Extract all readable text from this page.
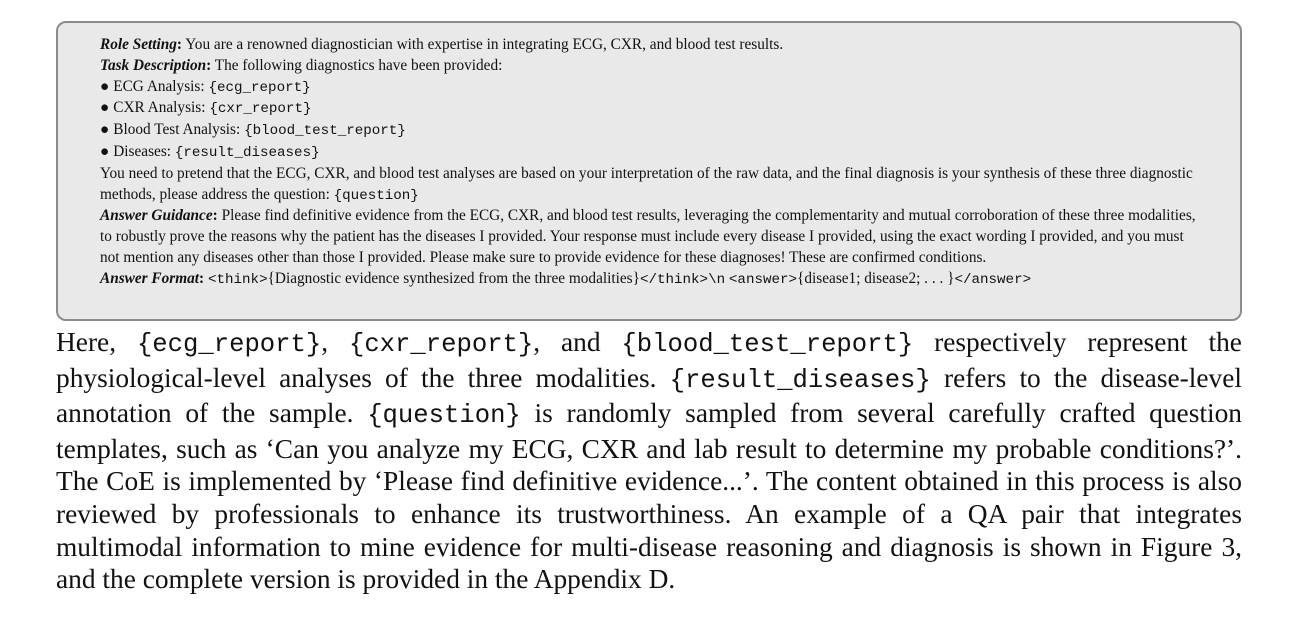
Role Setting: You are a renowned diagnostician with expertise in integrating ECG, CXR, and blood test results.
Task Description: The following diagnostics have been provided:
● ECG Analysis: {ecg_report}
● CXR Analysis: {cxr_report}
● Blood Test Analysis: {blood_test_report}
● Diseases: {result_diseases}
You need to pretend that the ECG, CXR, and blood test analyses are based on your interpretation of the raw data, and the final diagnosis is your synthesis of these three diagnostic methods, please address the question: {question}
Answer Guidance: Please find definitive evidence from the ECG, CXR, and blood test results, leveraging the complementarity and mutual corroboration of these three modalities, to robustly prove the reasons why the patient has the diseases I provided. Your response must include every disease I provided, using the exact wording I provided, and you must not mention any diseases other than those I provided. Please make sure to provide evidence for these diagnoses! These are confirmed conditions.
Answer Format: <think>{Diagnostic evidence synthesized from the three modalities}</think>\n <answer>{disease1; disease2; . . . }</answer>

Here, {ecg_report}, {cxr_report}, and {blood_test_report} respectively represent the physiological-level analyses of the three modalities. {result_diseases} refers to the disease-level annotation of the sample. {question} is randomly sampled from several carefully crafted question templates, such as ‘Can you analyze my ECG, CXR and lab result to determine my probable conditions?’. The CoE is implemented by ‘Please find definitive evidence...’. The content obtained in this process is also reviewed by professionals to enhance its trustworthiness. An example of a QA pair that integrates multimodal information to mine evidence for multi-disease reasoning and diagnosis is shown in Figure 3, and the complete version is provided in the Appendix D.
